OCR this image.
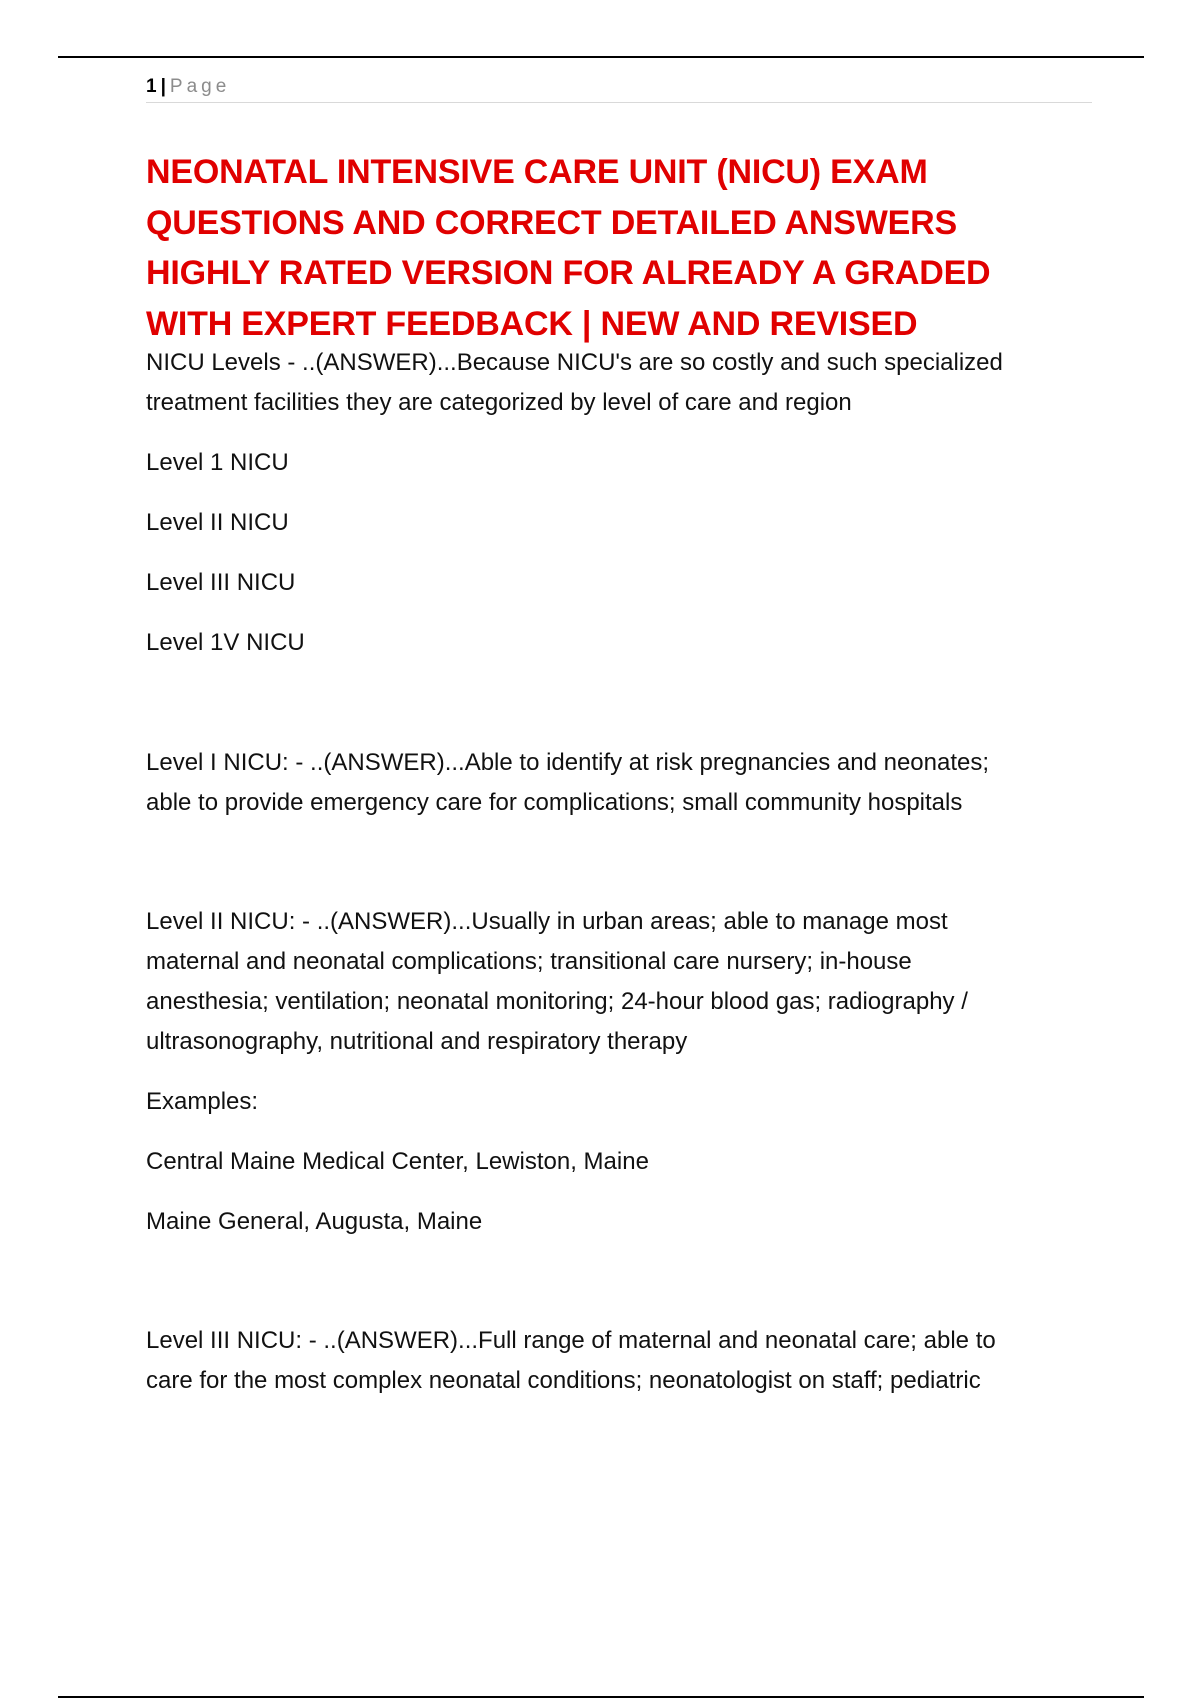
1 | Page
NEONATAL INTENSIVE CARE UNIT (NICU) EXAM
QUESTIONS AND CORRECT DETAILED ANSWERS
HIGHLY RATED VERSION FOR ALREADY A GRADED
WITH EXPERT FEEDBACK | NEW AND REVISED

NICU Levels - ..(ANSWER)...Because NICU's are so costly and such specialized
treatment facilities they are categorized by level of care and region

Level 1 NICU

Level II NICU

Level III NICU

Level 1V NICU

Level I NICU: - ..(ANSWER)...Able to identify at risk pregnancies and neonates;
able to provide emergency care for complications; small community hospitals

Level II NICU: - ..(ANSWER)...Usually in urban areas; able to manage most
maternal and neonatal complications; transitional care nursery; in-house
anesthesia; ventilation; neonatal monitoring; 24-hour blood gas; radiography /
ultrasonography, nutritional and respiratory therapy

Examples:

Central Maine Medical Center, Lewiston, Maine

Maine General, Augusta, Maine

Level III NICU: - ..(ANSWER)...Full range of maternal and neonatal care; able to
care for the most complex neonatal conditions; neonatologist on staff; pediatric
